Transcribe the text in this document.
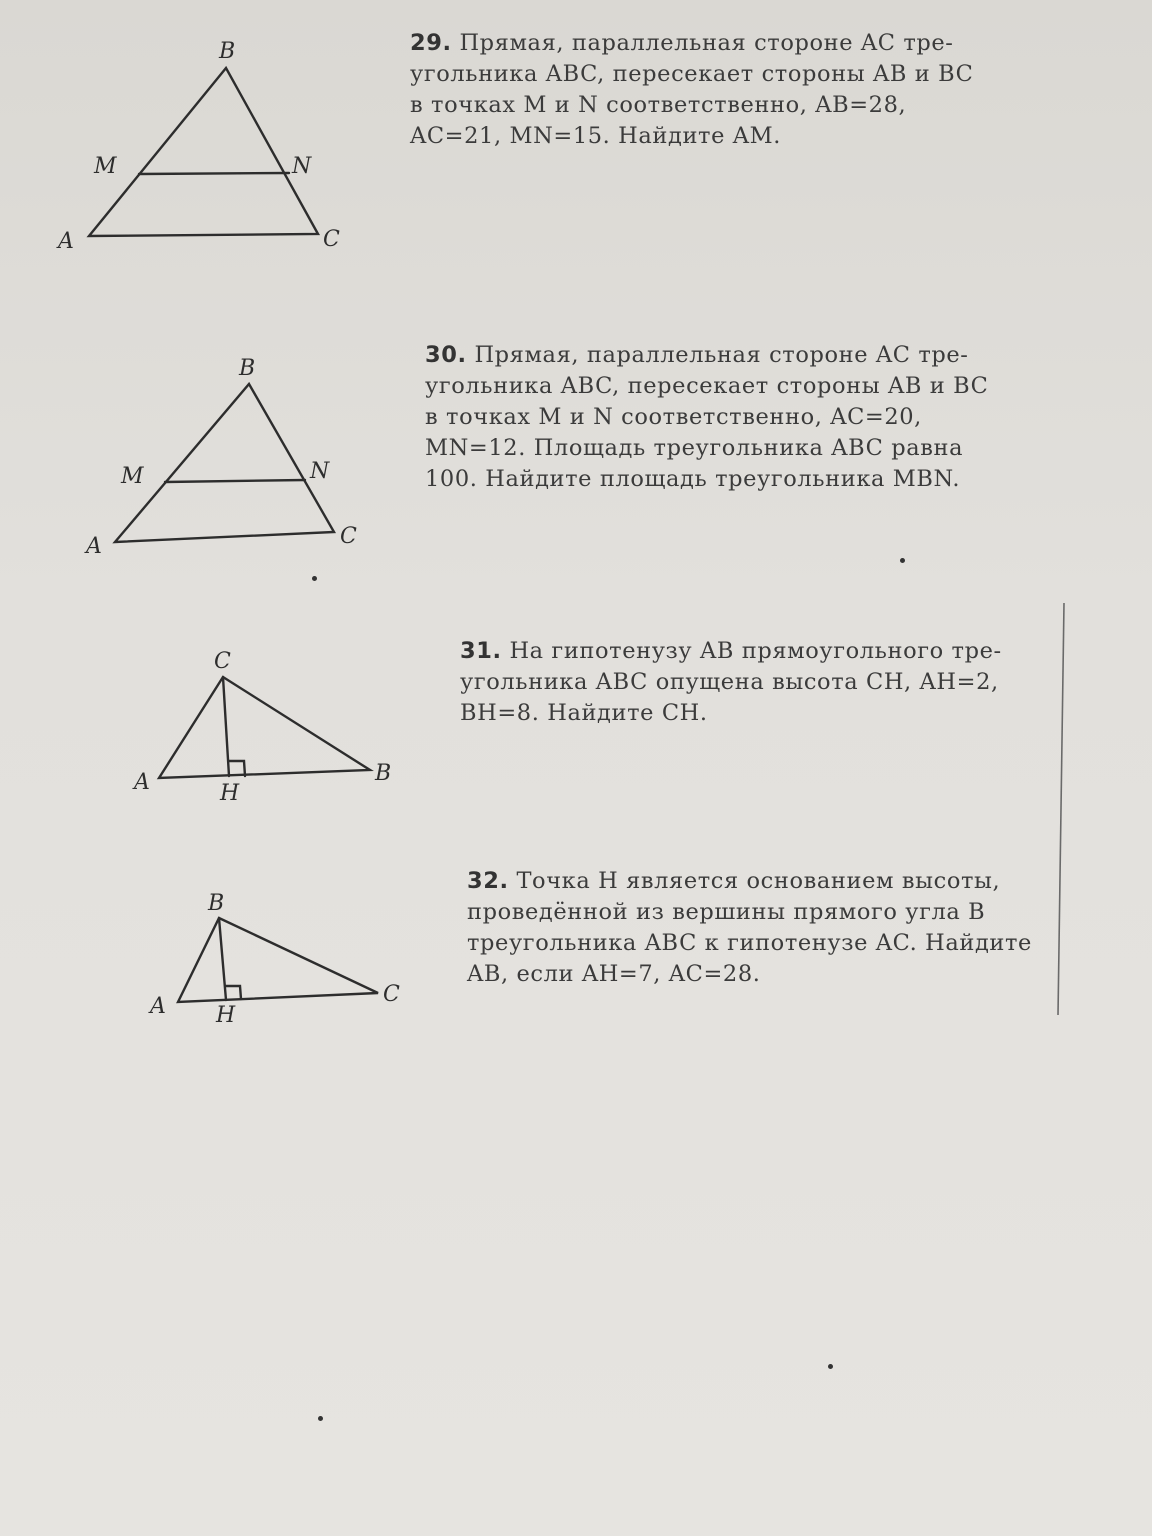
B
M	N
A	C
29. Прямая, параллельная стороне AC тре-
угольника ABC, пересекает стороны AB и BC
в точках M и N соответственно, AB=28,
AC=21, MN=15. Найдите AM.
B
M	N
A	C
30. Прямая, параллельная стороне AC тре-
угольника ABC, пересекает стороны AB и BC
в точках M и N соответственно, AC=20,
MN=12. Площадь треугольника ABC равна
100. Найдите площадь треугольника MBN.
C
A	H
B
31. На гипотенузу AB прямоугольного тре-
угольника ABC опущена высота CH, AH=2,
BH=8. Найдите CH.
B
A H
C
32. Точка H является основанием высоты,
проведённой из вершины прямого угла B
треугольника ABC к гипотенузе AC. Найдите
AB, если AH=7, AC=28.
